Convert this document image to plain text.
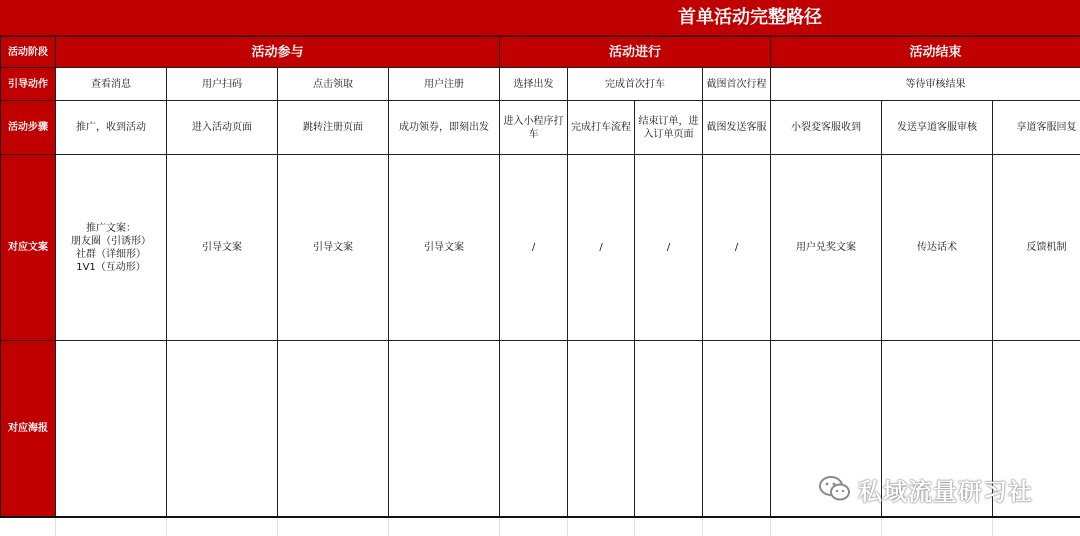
首单活动完整路径
活动阶段	活动参与				活动进行				活动结束		
引导动作	查看消息	用户扫码	点击领取	用户注册	选择出发	完成首次打车		截图首次行程	等待审核结果		
活动步骤	推广，收到活动	进入活动页面	跳转注册页面	成功领券，即刻出发	进入小程序打车	完成打车流程	结束订单，进入订单页面	截图发送客服	小裂変客服收到	发送享道客服审核	享道客服回复
对应文案	推广文案：
朋友圈（引诱形）
社群（详细形）
1V1（互动形）	引导文案	引导文案	引导文案	/	/	/	/	用户兑奖文案	传达话术	反馈机制
对应海报											
私域流量研习社
